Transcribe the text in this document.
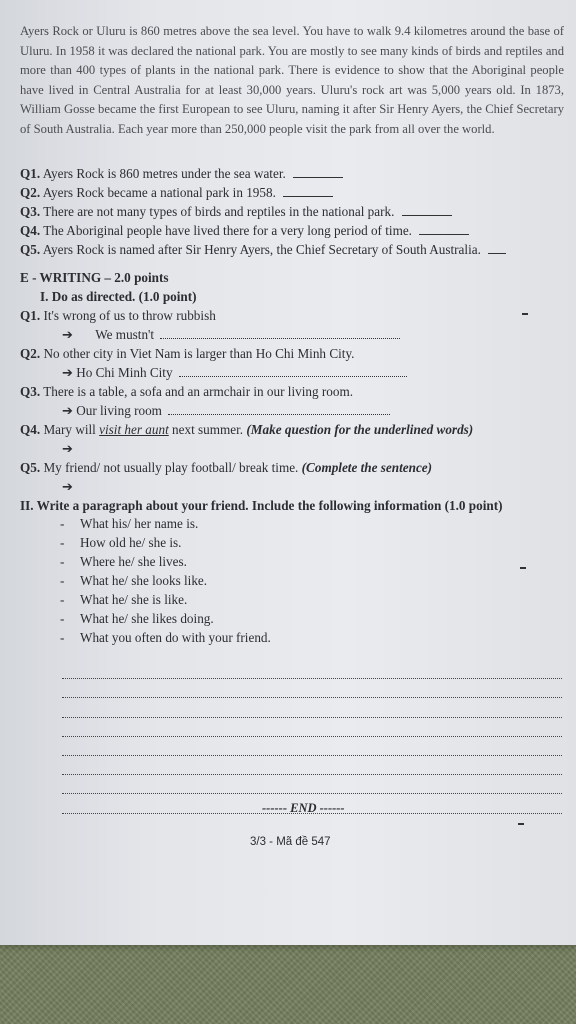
Ayers Rock or Uluru is 860 metres above the sea level. You have to walk 9.4 kilometres around the base of Uluru. In 1958 it was declared the national park. You are mostly to see many kinds of birds and reptiles and more than 400 types of plants in the national park. There is evidence to show that the Aboriginal people have lived in Central Australia for at least 30,000 years. Uluru's rock art was 5,000 years old. In 1873, William Gosse became the first European to see Uluru, naming it after Sir Henry Ayers, the Chief Secretary of South Australia. Each year more than 250,000 people visit the park from all over the world.

Q1. Ayers Rock is 860 metres under the sea water.
Q2. Ayers Rock became a national park in 1958.
Q3. There are not many types of birds and reptiles in the national park.
Q4. The Aboriginal people have lived there for a very long period of time.
Q5. Ayers Rock is named after Sir Henry Ayers, the Chief Secretary of South Australia.
E - WRITING – 2.0 points
I. Do as directed. (1.0 point)
Q1. It's wrong of us to throw rubbish
➔ We mustn't
Q2. No other city in Viet Nam is larger than Ho Chi Minh City.
➔ Ho Chi Minh City
Q3. There is a table, a sofa and an armchair in our living room.
➔ Our living room
Q4. Mary will visit her aunt next summer. (Make question for the underlined words)
➔
Q5. My friend/ not usually play football/ break time. (Complete the sentence)
➔
II. Write a paragraph about your friend. Include the following information (1.0 point)
- What his/ her name is.
- How old he/ she is.
- Where he/ she lives.
- What he/ she looks like.
- What he/ she is like.
- What he/ she likes doing.
- What you often do with your friend.
------ END ------
3/3 - Mã đề 547
